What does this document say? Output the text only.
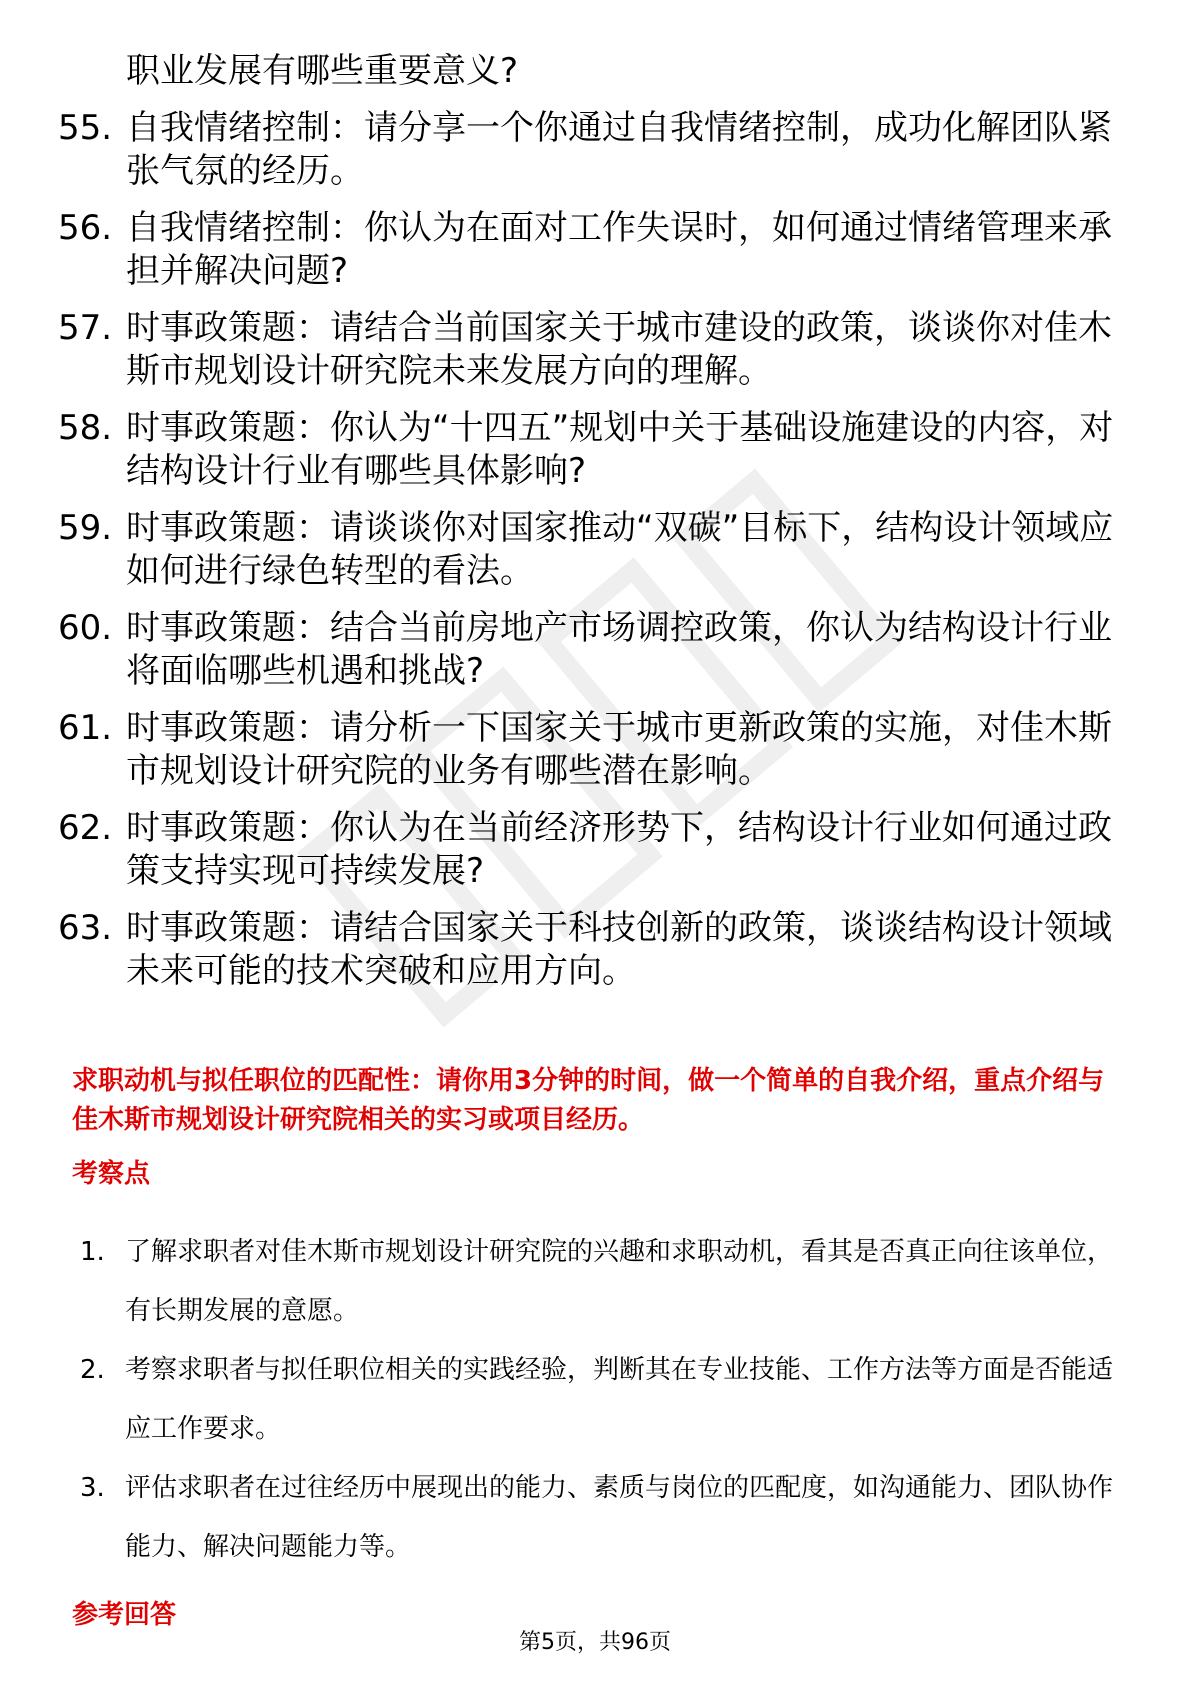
职业发展有哪些重要意义?

55. 自我情绪控制：请分享一个你通过自我情绪控制，成功化解团队紧张气氛的经历。
56. 自我情绪控制：你认为在面对工作失误时，如何通过情绪管理来承担并解决问题?
57. 时事政策题：请结合当前国家关于城市建设的政策，谈谈你对佳木斯市规划设计研究院未来发展方向的理解。
58. 时事政策题：你认为“十四五”规划中关于基础设施建设的内容，对结构设计行业有哪些具体影响?
59. 时事政策题：请谈谈你对国家推动“双碳”目标下，结构设计领域应如何进行绿色转型的看法。
60. 时事政策题：结合当前房地产市场调控政策，你认为结构设计行业将面临哪些机遇和挑战?
61. 时事政策题：请分析一下国家关于城市更新政策的实施，对佳木斯市规划设计研究院的业务有哪些潜在影响。
62. 时事政策题：你认为在当前经济形势下，结构设计行业如何通过政策支持实现可持续发展?
63. 时事政策题：请结合国家关于科技创新的政策，谈谈结构设计领域未来可能的技术突破和应用方向。

求职动机与拟任职位的匹配性：请你用3分钟的时间，做一个简单的自我介绍，重点介绍与佳木斯市规划设计研究院相关的实习或项目经历。

考察点

1. 了解求职者对佳木斯市规划设计研究院的兴趣和求职动机，看其是否真正向往该单位，有长期发展的意愿。
2. 考察求职者与拟任职位相关的实践经验，判断其在专业技能、工作方法等方面是否能适应工作要求。
3. 评估求职者在过往经历中展现出的能力、素质与岗位的匹配度，如沟通能力、团队协作能力、解决问题能力等。

参考回答

第5页，共96页
